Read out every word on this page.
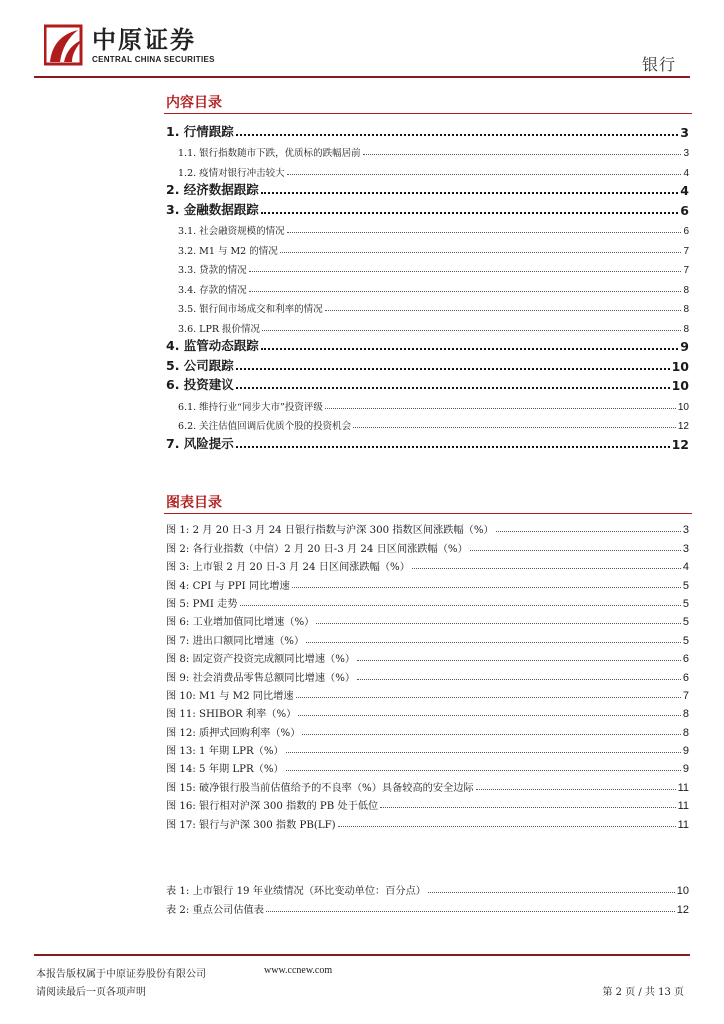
中原证券
CENTRAL CHINA SECURITIES	银行
内容目录
1. 行情跟踪	3
1.1. 银行指数随市下跌，优质标的跌幅居前	3
1.2. 疫情对银行冲击较大	4
2. 经济数据跟踪	4
3. 金融数据跟踪	6
3.1. 社会融资规模的情况	6
3.2. M1 与 M2 的情况	7
3.3. 贷款的情况	7
3.4. 存款的情况	8
3.5. 银行间市场成交和利率的情况	8
3.6. LPR 报价情况	8
4. 监管动态跟踪	9
5. 公司跟踪	10
6. 投资建议	10
6.1. 维持行业“同步大市”投资评级	10
6.2. 关注估值回调后优质个股的投资机会	12
7. 风险提示	12
图表目录
图 1: 2 月 20 日-3 月 24 日银行指数与沪深 300 指数区间涨跌幅（%）	3
图 2: 各行业指数（中信）2 月 20 日-3 月 24 日区间涨跌幅（%）	3
图 3: 上市银 2 月 20 日-3 月 24 日区间涨跌幅（%）	4
图 4: CPI 与 PPI 同比增速	5
图 5: PMI 走势	5
图 6: 工业增加值同比增速（%）	5
图 7: 进出口额同比增速（%）	5
图 8: 固定资产投资完成额同比增速（%）	6
图 9: 社会消费品零售总额同比增速（%）	6
图 10: M1 与 M2 同比增速	7
图 11: SHIBOR 利率（%）	8
图 12: 质押式回购利率（%）	8
图 13: 1 年期 LPR（%）	9
图 14: 5 年期 LPR（%）	9
图 15: 破净银行股当前估值给予的不良率（%）具备较高的安全边际	11
图 16: 银行相对沪深 300 指数的 PB 处于低位	11
图 17: 银行与沪深 300 指数 PB(LF)	11
表 1: 上市银行 19 年业绩情况（环比变动单位：百分点）	10
表 2: 重点公司估值表	12
本报告版权属于中原证券股份有限公司	www.ccnew.com
请阅读最后一页各项声明	第 2 页 / 共 13 页
